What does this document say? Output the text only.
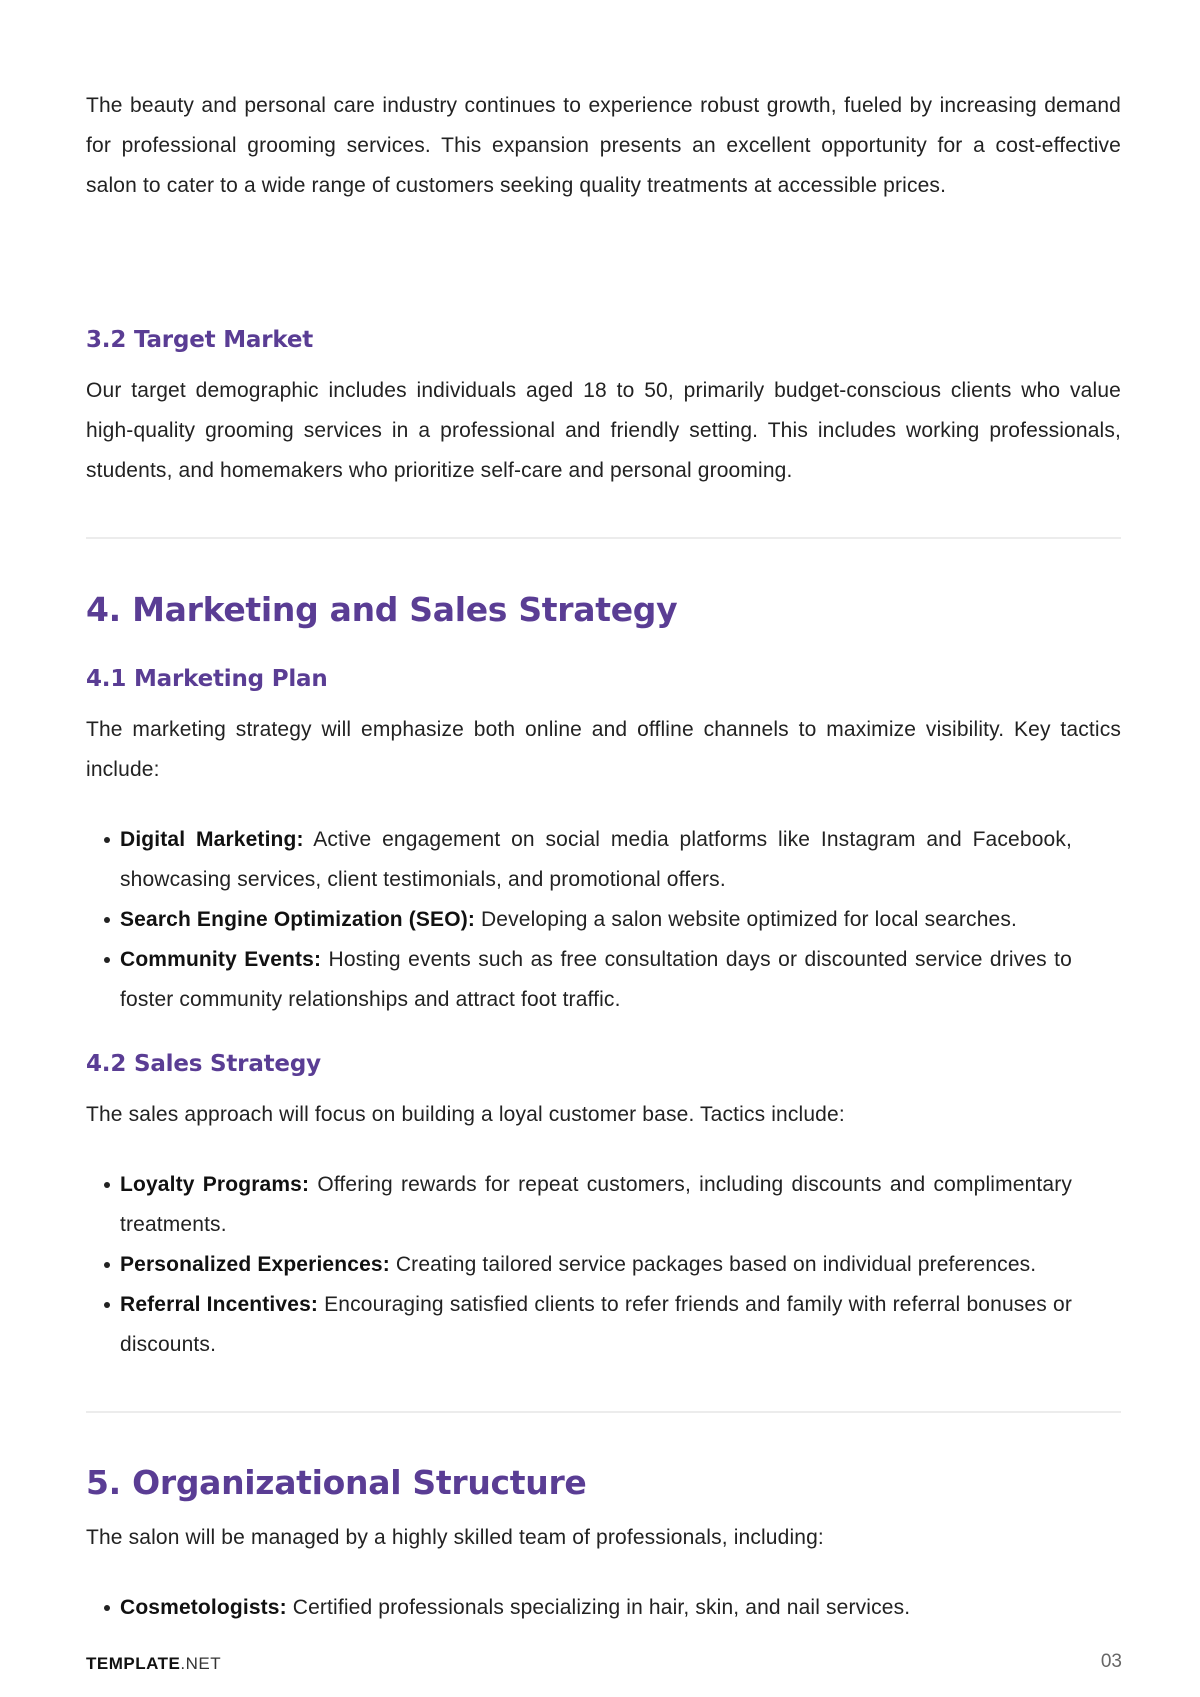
The beauty and personal care industry continues to experience robust growth, fueled by increasing demand for professional grooming services. This expansion presents an excellent opportunity for a cost-effective salon to cater to a wide range of customers seeking quality treatments at accessible prices.

3.2 Target Market

Our target demographic includes individuals aged 18 to 50, primarily budget-conscious clients who value high-quality grooming services in a professional and friendly setting. This includes working professionals, students, and homemakers who prioritize self-care and personal grooming.

4. Marketing and Sales Strategy
4.1 Marketing Plan

The marketing strategy will emphasize both online and offline channels to maximize visibility. Key tactics include:

Digital Marketing: Active engagement on social media platforms like Instagram and Facebook, showcasing services, client testimonials, and promotional offers.
Search Engine Optimization (SEO): Developing a salon website optimized for local searches.
Community Events: Hosting events such as free consultation days or discounted service drives to foster community relationships and attract foot traffic.
4.2 Sales Strategy

The sales approach will focus on building a loyal customer base. Tactics include:

Loyalty Programs: Offering rewards for repeat customers, including discounts and complimentary treatments.
Personalized Experiences: Creating tailored service packages based on individual preferences.
Referral Incentives: Encouraging satisfied clients to refer friends and family with referral bonuses or discounts.
5. Organizational Structure

The salon will be managed by a highly skilled team of professionals, including:

Cosmetologists: Certified professionals specializing in hair, skin, and nail services.
TEMPLATE.NET	03
